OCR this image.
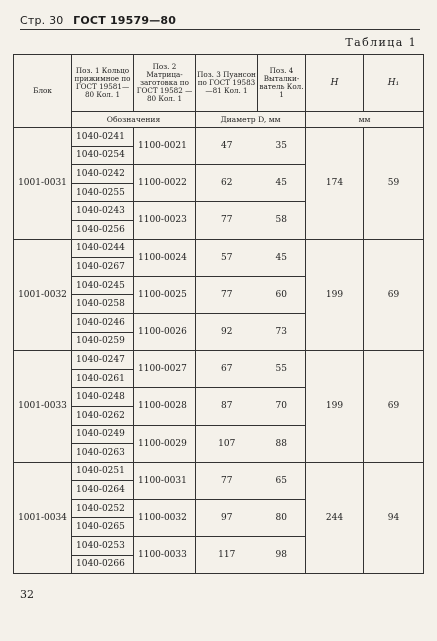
Стр. 30 ГОСТ 19579—80
Таблица 1
Блок	Поз. 1 Кольцо прижимное по ГОСТ 19581—80 Кол. 1	Поз. 2 Матрица-заготовка по ГОСТ 19582 —80 Кол. 1	Поз. 3 Пуансон по ГОСТ 19583—81 Кол. 1	Поз. 4 Выталки-ватель Кол. 1	H	H₁
	Обозначения		Диаметр D, мм		мм	
1001-0031	1040-0241	1100-0021	47	35	174	59
	1040-0254					
	1040-0242	1100-0022	62	45		
	1040-0255					
	1040-0243	1100-0023	77	58		
	1040-0256					
1001-0032	1040-0244	1100-0024	57	45	199	69
	1040-0267					
	1040-0245	1100-0025	77	60		
	1040-0258					
	1040-0246	1100-0026	92	73		
	1040-0259					
1001-0033	1040-0247	1100-0027	67	55	199	69
	1040-0261					
	1040-0248	1100-0028	87	70		
	1040-0262					
	1040-0249	1100-0029	107	88		
	1040-0263					
1001-0034	1040-0251	1100-0031	77	65	244	94
	1040-0264					
	1040-0252	1100-0032	97	80		
	1040-0265					
	1040-0253	1100-0033	117	98		
	1040-0266					
32
